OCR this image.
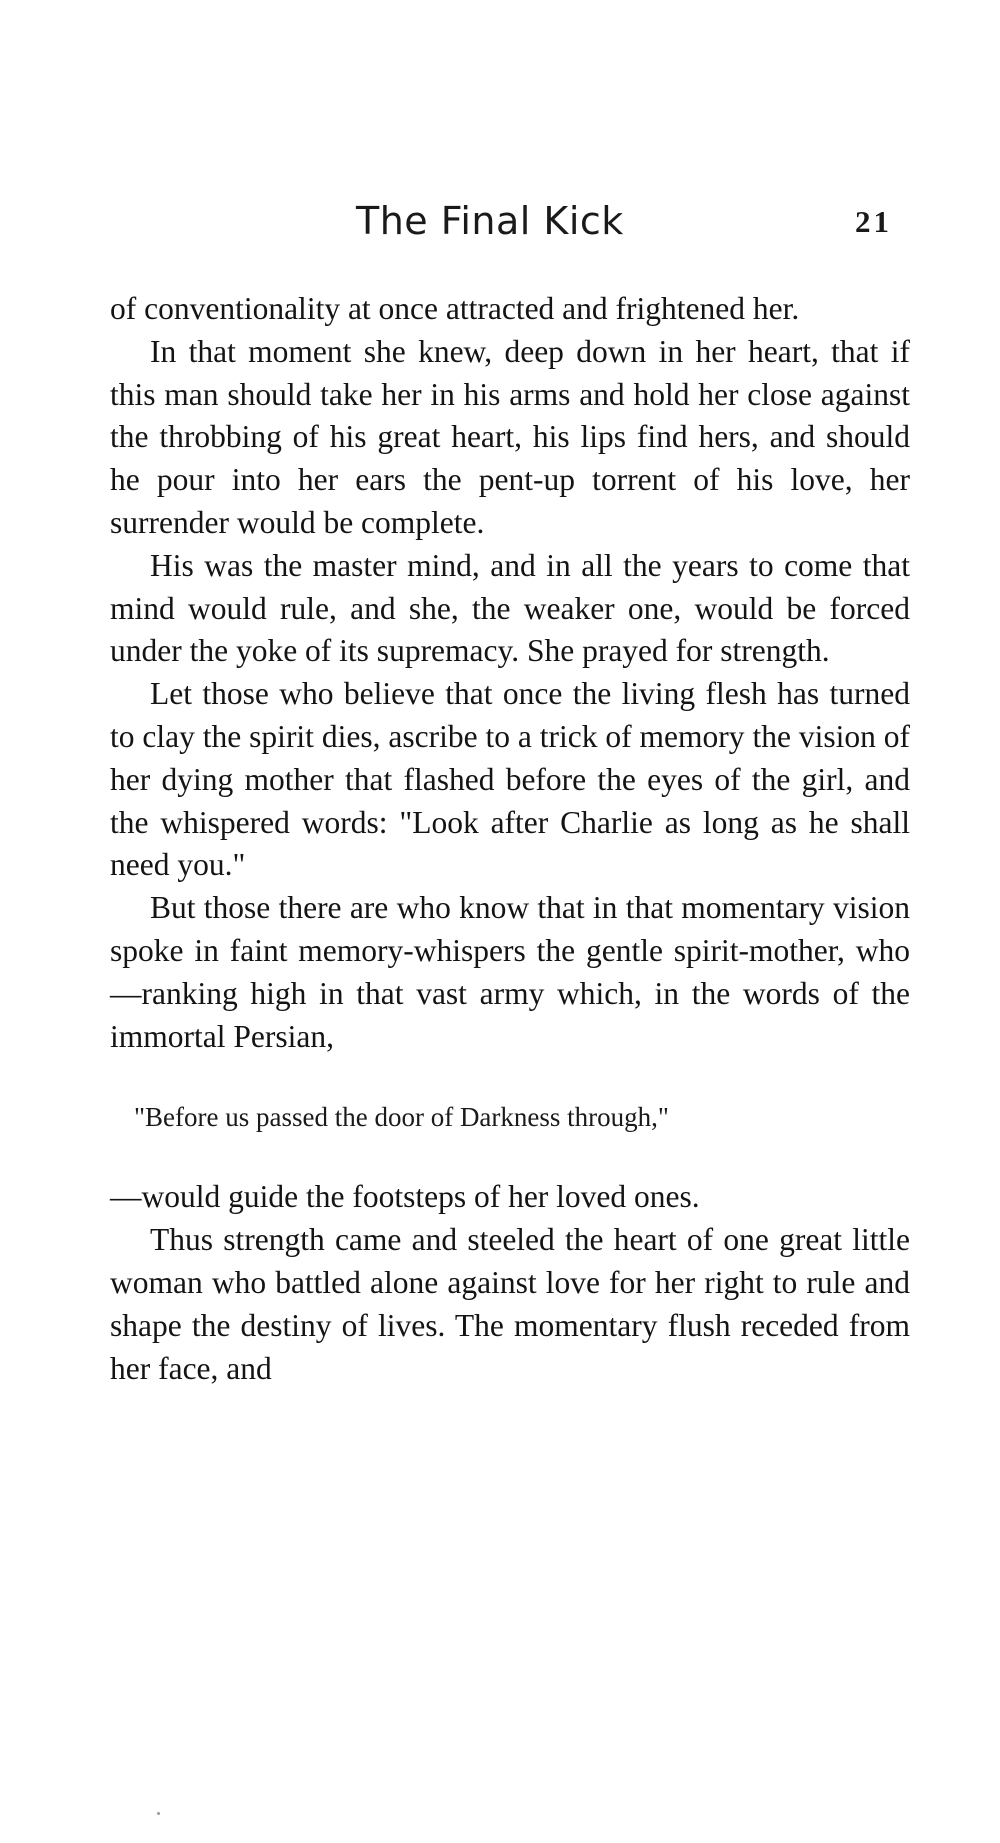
The Final Kick	21

of conventionality at once attracted and frightened her.

In that moment she knew, deep down in her heart, that if this man should take her in his arms and hold her close against the throbbing of his great heart, his lips find hers, and should he pour into her ears the pent-up torrent of his love, her surrender would be complete.

His was the master mind, and in all the years to come that mind would rule, and she, the weaker one, would be forced under the yoke of its supremacy. She prayed for strength.

Let those who believe that once the living flesh has turned to clay the spirit dies, ascribe to a trick of memory the vision of her dying mother that flashed before the eyes of the girl, and the whispered words: "Look after Charlie as long as he shall need you."

But those there are who know that in that momentary vision spoke in faint memory-whispers the gentle spirit-mother, who—ranking high in that vast army which, in the words of the immortal Persian,

"Before us passed the door of Darkness through,"

—would guide the footsteps of her loved ones.

Thus strength came and steeled the heart of one great little woman who battled alone against love for her right to rule and shape the destiny of lives. The momentary flush receded from her face, and
